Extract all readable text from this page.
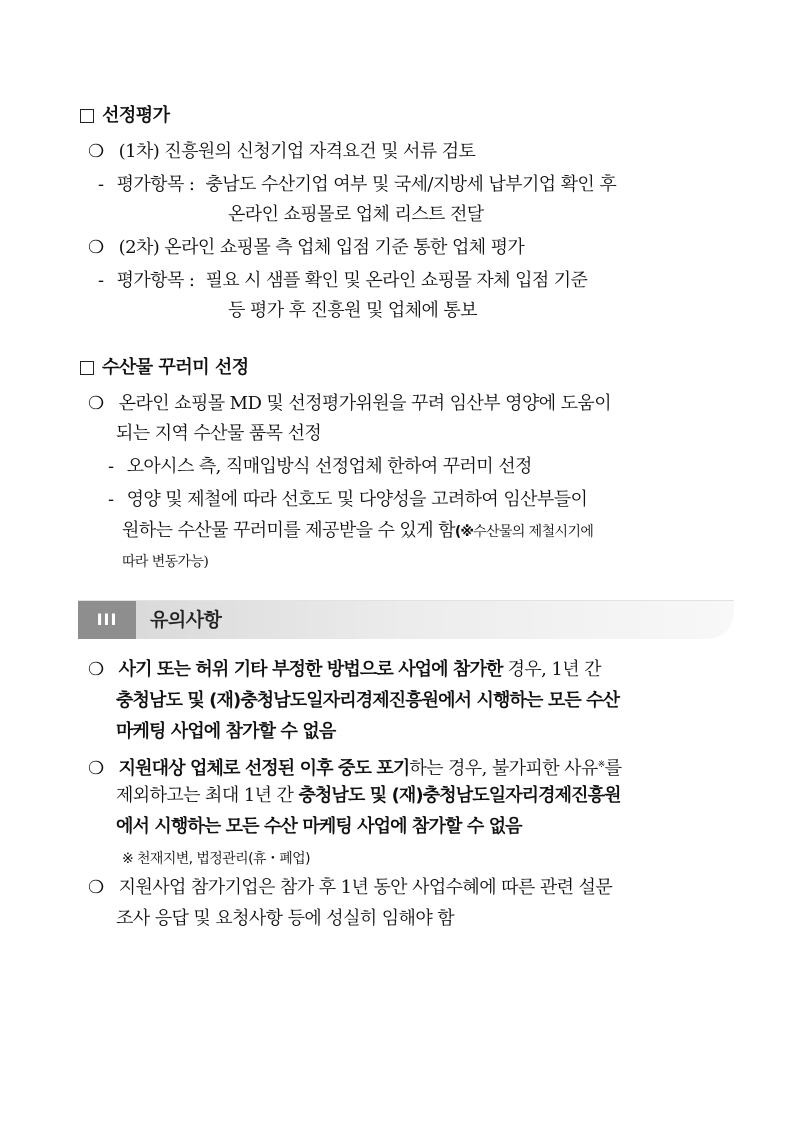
선정평가
❍ (1차) 진흥원의 신청기업 자격요건 및 서류 검토
- 평가항목 : 충남도 수산기업 여부 및 국세/지방세 납부기업 확인 후
온라인 쇼핑몰로 업체 리스트 전달
❍ (2차) 온라인 쇼핑몰 측 업체 입점 기준 통한 업체 평가
- 평가항목 : 필요 시 샘플 확인 및 온라인 쇼핑몰 자체 입점 기준
등 평가 후 진흥원 및 업체에 통보
수산물 꾸러미 선정
❍ 온라인 쇼핑몰 MD 및 선정평가위원을 꾸려 임산부 영양에 도움이
되는 지역 수산물 품목 선정
- 오아시스 측, 직매입방식 선정업체 한하여 꾸러미 선정
- 영양 및 제철에 따라 선호도 및 다양성을 고려하여 임산부들이
원하는 수산물 꾸러미를 제공받을 수 있게 함(※수산물의 제철시기에
따라 변동가능)
III	유의사항
❍ 사기 또는 허위 기타 부정한 방법으로 사업에 참가한 경우, 1년 간
충청남도 및 (재)충청남도일자리경제진흥원에서 시행하는 모든 수산
마케팅 사업에 참가할 수 없음
❍ 지원대상 업체로 선정된 이후 중도 포기하는 경우, 불가피한 사유※를
제외하고는 최대 1년 간 충청남도 및 (재)충청남도일자리경제진흥원
에서 시행하는 모든 수산 마케팅 사업에 참가할 수 없음
※ 천재지변, 법정관리(휴・폐업)
❍ 지원사업 참가기업은 참가 후 1년 동안 사업수혜에 따른 관련 설문
조사 응답 및 요청사항 등에 성실히 임해야 함
